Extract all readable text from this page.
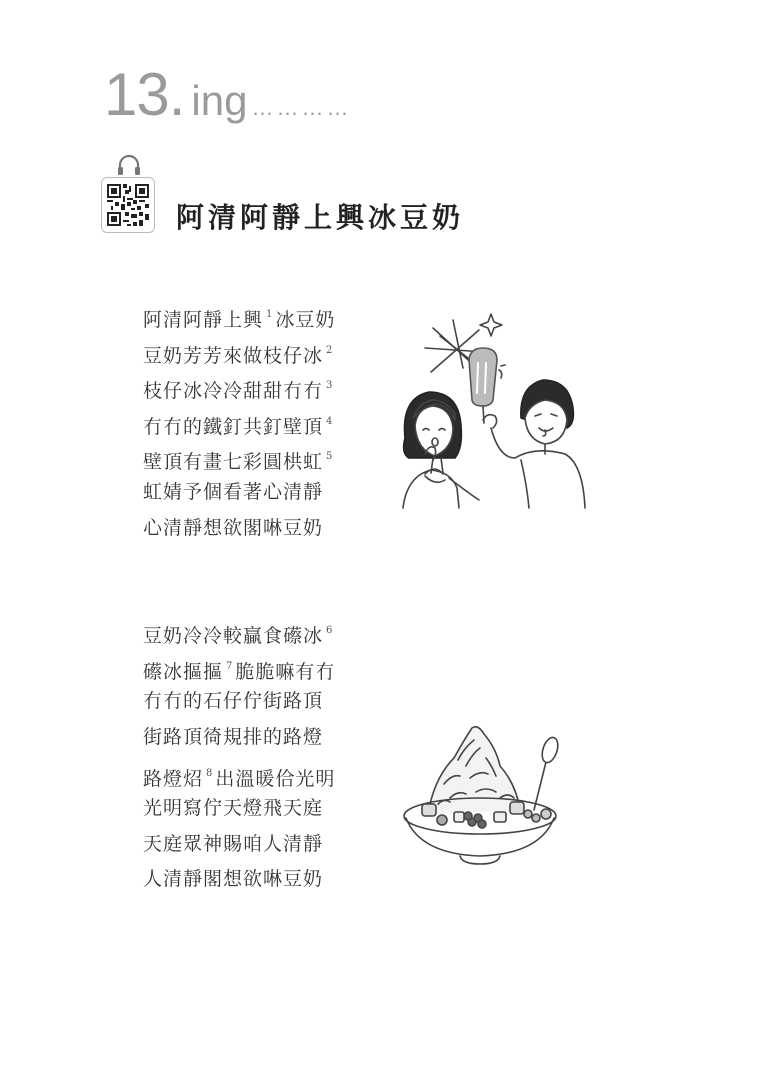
13 . ing …………
阿清阿靜上興冰豆奶
阿清阿靜上興 $^1$ 冰豆奶
豆奶芳芳來做枝仔冰 $^2$
枝仔冰冷冷甜甜冇冇 $^3$
冇冇的鐵釘共釘壁頂 $^4$
壁頂有畫七彩圓栱虹 $^5$
虹婧予個看著心清靜
心清靜想欲閣啉豆奶
豆奶冷冷較贏食礤冰 $^6$
礤冰摳摳 $^7$ 脆脆嘛有冇
冇冇的石仔佇街路頂
街路頂徛規排的路燈
路燈炤 $^8$ 出溫暖佮光明
光明寫佇天燈飛天庭
天庭眾神賜咱人清靜
人清靜閣想欲啉豆奶
